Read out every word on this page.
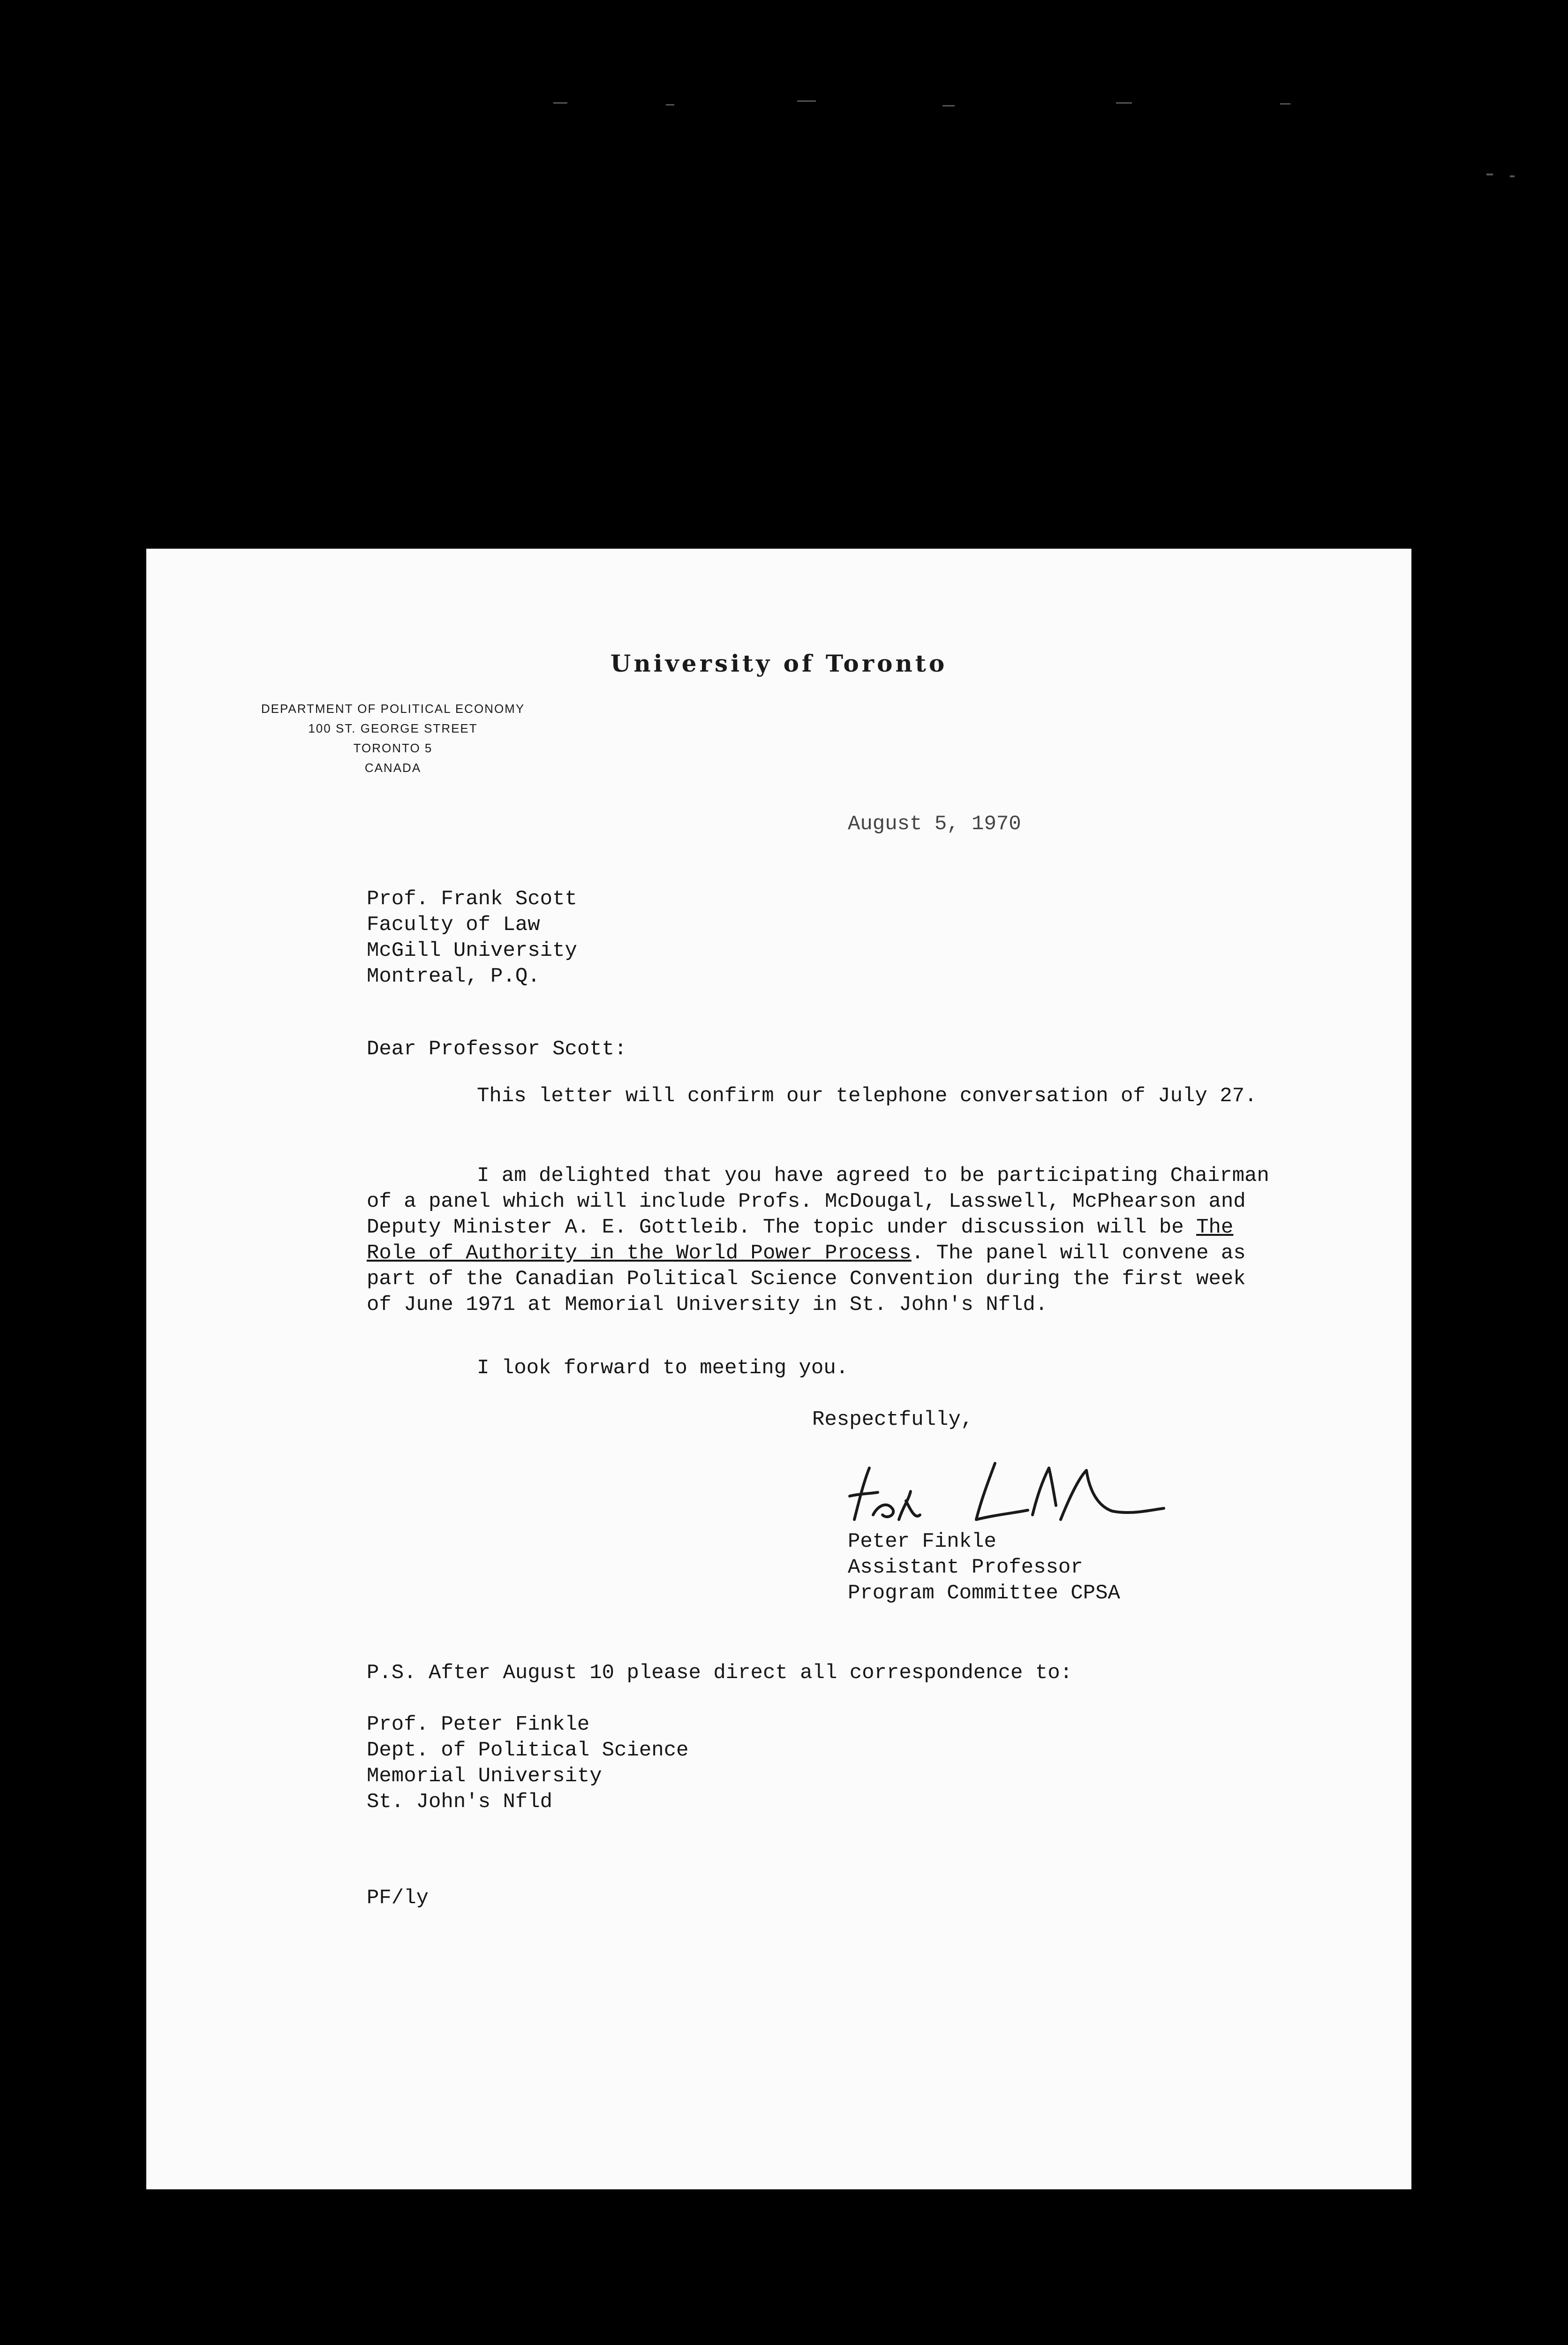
University of Toronto
DEPARTMENT OF POLITICAL ECONOMY
100 ST. GEORGE STREET
TORONTO 5
CANADA
August 5, 1970
Prof. Frank Scott
Faculty of Law
McGill University
Montreal, P.Q.
Dear Professor Scott:
This letter will confirm our telephone conversation of July 27.
I am delighted that you have agreed to be participating Chairman of a panel which will include Profs. McDougal, Lasswell, McPhearson and Deputy Minister A. E. Gottleib. The topic under discussion will be The Role of Authority in the World Power Process. The panel will convene as part of the Canadian Political Science Convention during the first week of June 1971 at Memorial University in St. John's Nfld.
I look forward to meeting you.
Respectfully,
Peter Finkle
Assistant Professor
Program Committee CPSA
P.S. After August 10 please direct all correspondence to:
Prof. Peter Finkle
Dept. of Political Science
Memorial University
St. John's Nfld
PF/ly
